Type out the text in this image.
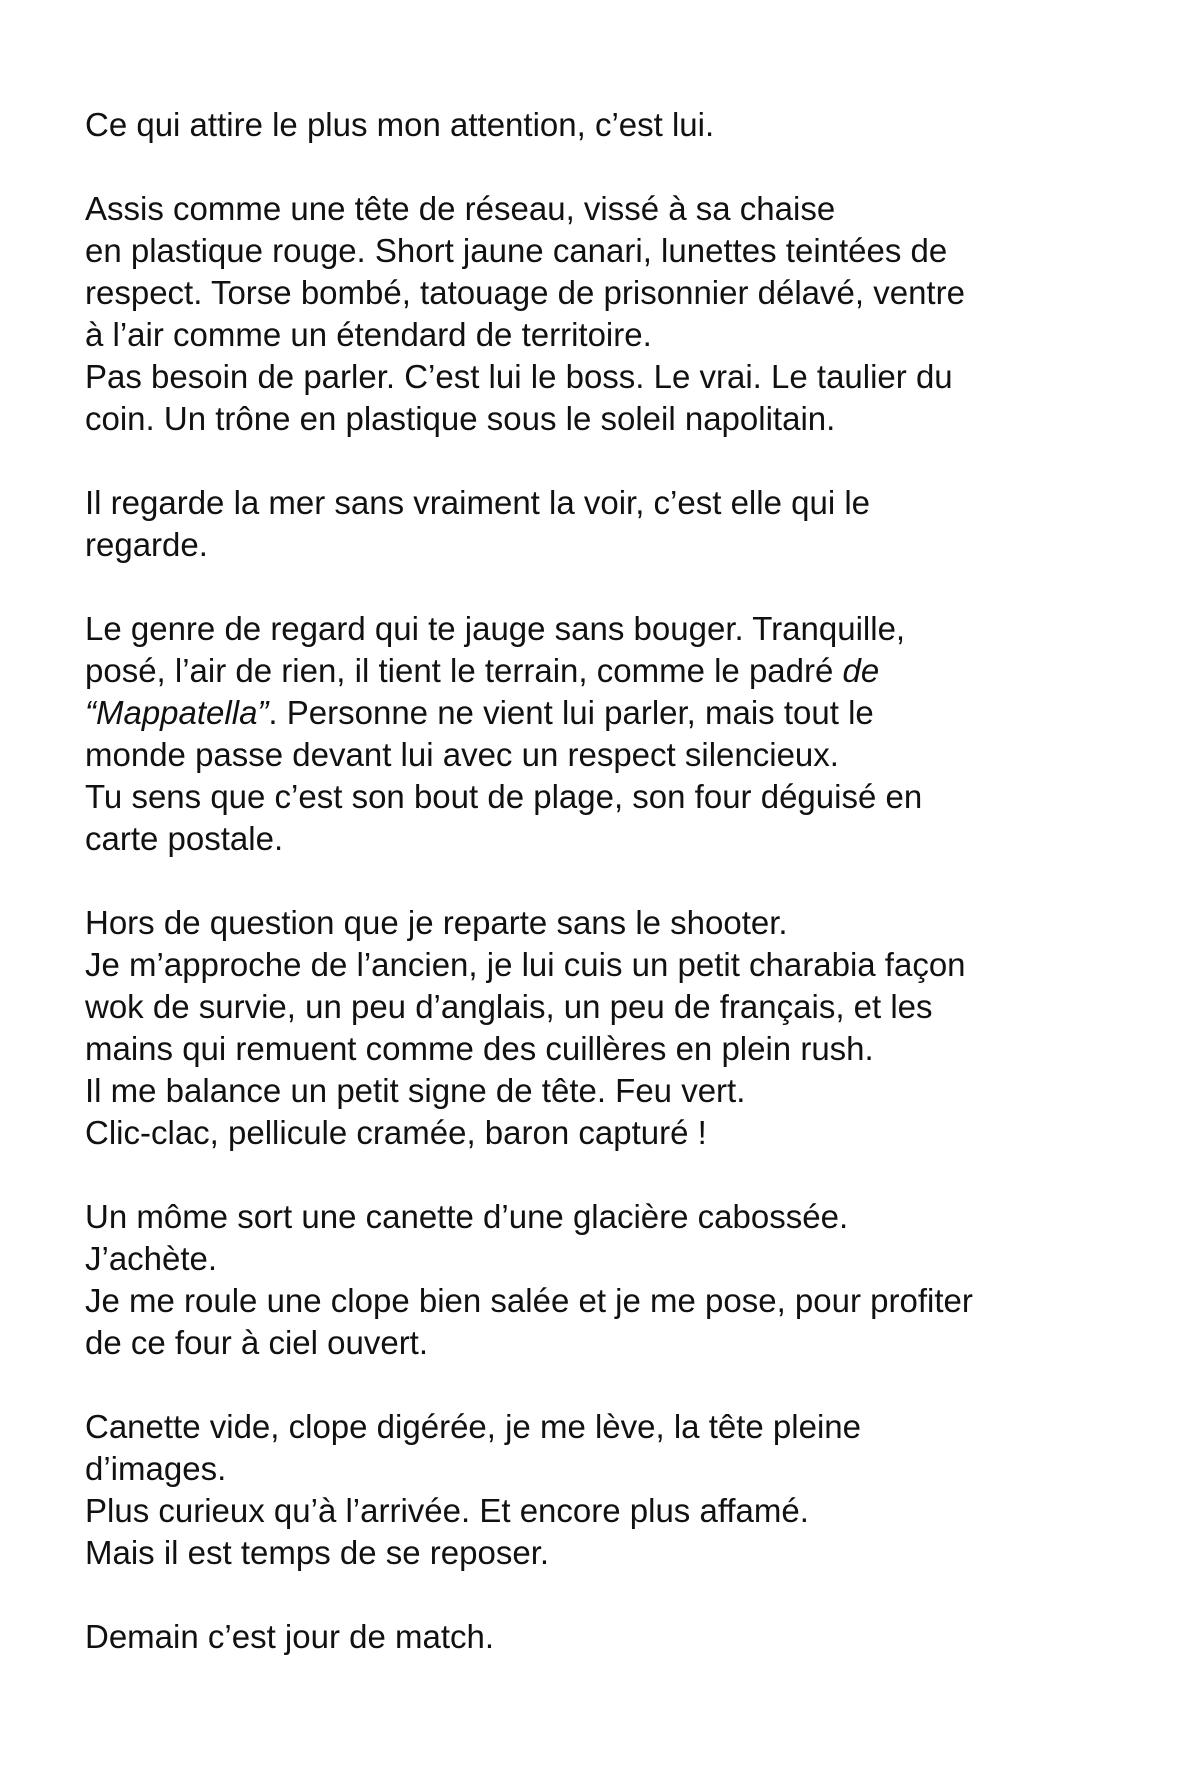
Ce qui attire le plus mon attention, c’est lui.

Assis comme une tête de réseau, vissé à sa chaise
en plastique rouge. Short jaune canari, lunettes teintées de
respect. Torse bombé, tatouage de prisonnier délavé, ventre
à l’air comme un étendard de territoire.
Pas besoin de parler. C’est lui le boss. Le vrai. Le taulier du
coin. Un trône en plastique sous le soleil napolitain.

Il regarde la mer sans vraiment la voir, c’est elle qui le
regarde.

Le genre de regard qui te jauge sans bouger. Tranquille,
posé, l’air de rien, il tient le terrain, comme le padré de
“Mappatella”. Personne ne vient lui parler, mais tout le
monde passe devant lui avec un respect silencieux.
Tu sens que c’est son bout de plage, son four déguisé en
carte postale.

Hors de question que je reparte sans le shooter.
Je m’approche de l’ancien, je lui cuis un petit charabia façon
wok de survie, un peu d’anglais, un peu de français, et les
mains qui remuent comme des cuillères en plein rush.
Il me balance un petit signe de tête. Feu vert.
Clic-clac, pellicule cramée, baron capturé !

Un môme sort une canette d’une glacière cabossée.
J’achète.
Je me roule une clope bien salée et je me pose, pour profiter
de ce four à ciel ouvert.

Canette vide, clope digérée, je me lève, la tête pleine
d’images.
Plus curieux qu’à l’arrivée. Et encore plus affamé.
Mais il est temps de se reposer.

Demain c’est jour de match.
